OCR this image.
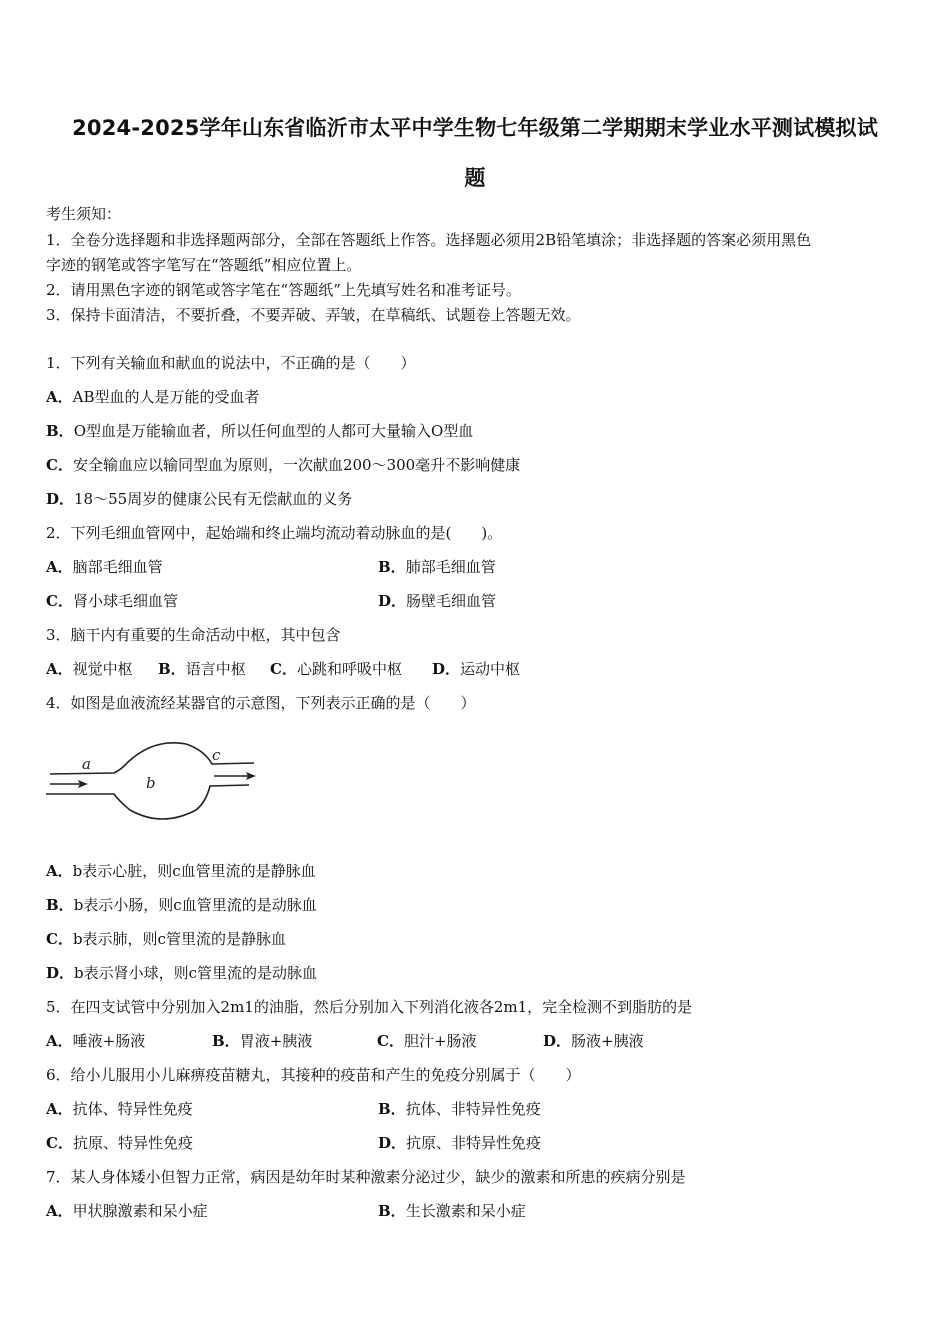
2024-2025学年山东省临沂市太平中学生物七年级第二学期期末学业水平测试模拟试
题
考生须知：
1．全卷分选择题和非选择题两部分，全部在答题纸上作答。选择题必须用2B铅笔填涂；非选择题的答案必须用黑色
字迹的钢笔或答字笔写在“答题纸”相应位置上。
2．请用黑色字迹的钢笔或答字笔在“答题纸”上先填写姓名和准考证号。
3．保持卡面清洁，不要折叠，不要弄破、弄皱，在草稿纸、试题卷上答题无效。
1．下列有关输血和献血的说法中，不正确的是（　　）
A．AB型血的人是万能的受血者
B．O型血是万能输血者，所以任何血型的人都可大量输入O型血
C．安全输血应以输同型血为原则，一次献血200～300毫升不影响健康
D．18～55周岁的健康公民有无偿献血的义务
2．下列毛细血管网中，起始端和终止端均流动着动脉血的是(　　)。
A．脑部毛细血管	B．肺部毛细血管
C．肾小球毛细血管	D．肠壁毛细血管
3．脑干内有重要的生命活动中枢，其中包含
A．视觉中枢 B．语言中枢 C．心跳和呼吸中枢 D．运动中枢
4．如图是血液流经某器官的示意图，下列表示正确的是（　　）
a
b
c
A．b表示心脏，则c血管里流的是静脉血
B．b表示小肠，则c血管里流的是动脉血
C．b表示肺，则c管里流的是静脉血
D．b表示肾小球，则c管里流的是动脉血
5．在四支试管中分别加入2m1的油脂，然后分别加入下列消化液各2m1，完全检测不到脂肪的是
A．唾液+肠液	B．胃液+胰液	C．胆汁+肠液	D．肠液+胰液
6．给小儿服用小儿麻痹疫苗糖丸，其接种的疫苗和产生的免疫分别属于（　　）
A．抗体、特异性免疫	B．抗体、非特异性免疫
C．抗原、特异性免疫	D．抗原、非特异性免疫
7．某人身体矮小但智力正常，病因是幼年时某种激素分泌过少，缺少的激素和所患的疾病分别是
A．甲状腺激素和呆小症	B．生长激素和呆小症
